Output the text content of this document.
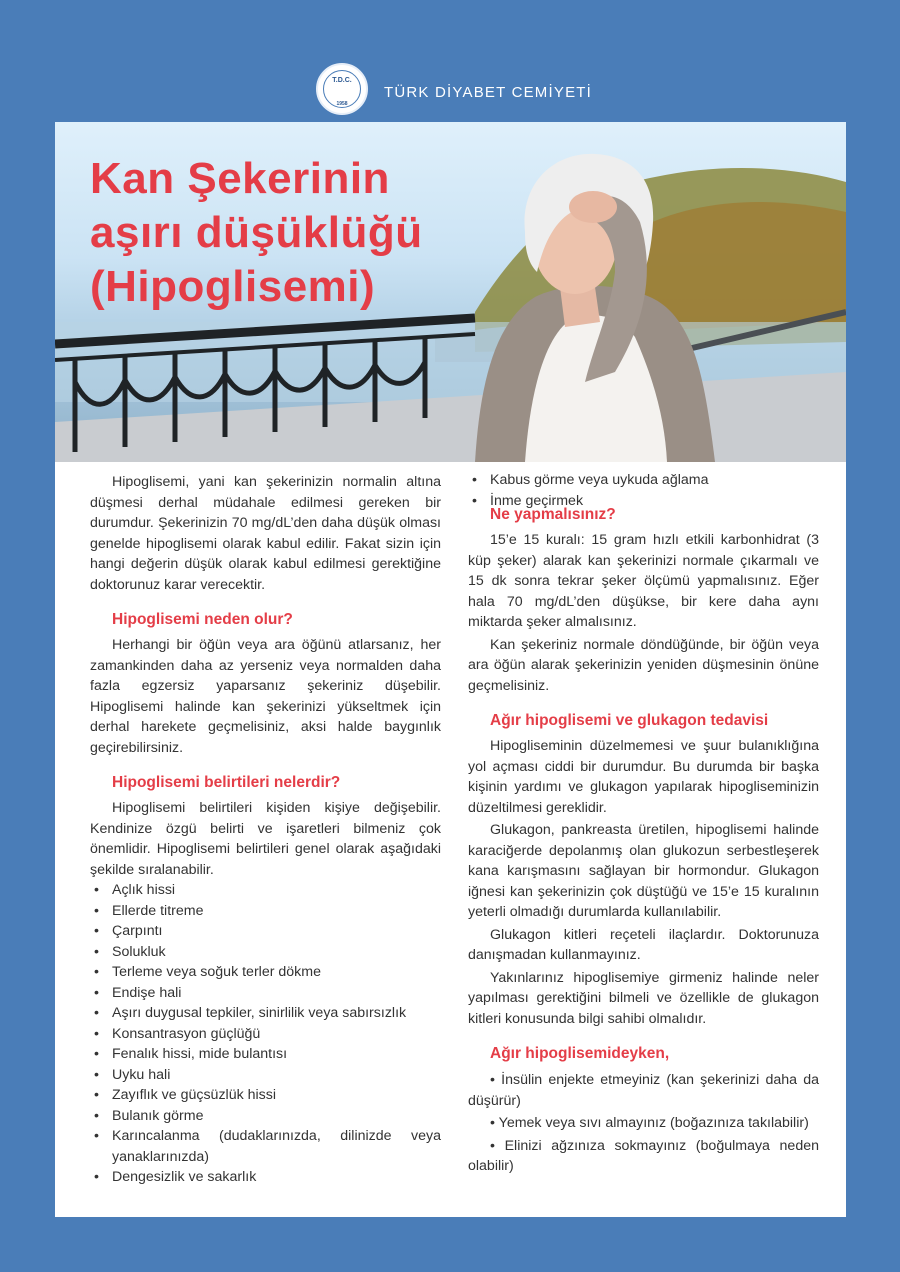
T.D.C.
1958
TÜRK DİYABET CEMİYETİ
Kan Şekerinin
aşırı düşüklüğü
(Hipoglisemi)

Hipoglisemi, yani kan şekerinizin normalin altına düşmesi derhal müdahale edilmesi gereken bir durumdur. Şekerinizin 70 mg/dL’den daha düşük olması genelde hipoglisemi olarak kabul edilir. Fakat sizin için hangi değerin düşük olarak kabul edilmesi gerektiğine doktorunuz karar verecektir.

Hipoglisemi neden olur?

Herhangi bir öğün veya ara öğünü atlarsanız, her zamankinden daha az yerseniz veya normalden daha fazla egzersiz yaparsanız şekeriniz düşebilir. Hipoglisemi halinde kan şekerinizi yükseltmek için derhal harekete geçmelisiniz, aksi halde baygınlık geçirebilirsiniz.

Hipoglisemi belirtileri nelerdir?

Hipoglisemi belirtileri kişiden kişiye değişebilir. Kendinize özgü belirti ve işaretleri bilmeniz çok önemlidir. Hipoglisemi belirtileri genel olarak aşağıdaki şekilde sıralanabilir.

• Açlık hissi
• Ellerde titreme
• Çarpıntı
• Solukluk
• Terleme veya soğuk terler dökme
• Endişe hali
• Aşırı duygusal tepkiler, sinirlilik veya sabırsızlık
• Konsantrasyon güçlüğü
• Fenalık hissi, mide bulantısı
• Uyku hali
• Zayıflık ve güçsüzlük hissi
• Bulanık görme
• Karıncalanma (dudaklarınızda, dilinizde veya yanaklarınızda)
• Dengesizlik ve sakarlık
• Kabus görme veya uykuda ağlama
• İnme geçirmek
Ne yapmalısınız?

15’e 15 kuralı: 15 gram hızlı etkili karbonhidrat (3 küp şeker) alarak kan şekerinizi normale çıkarmalı ve 15 dk sonra tekrar şeker ölçümü yapmalısınız. Eğer hala 70 mg/dL’den düşükse, bir kere daha aynı miktarda şeker almalısınız.

Kan şekeriniz normale döndüğünde, bir öğün veya ara öğün alarak şekerinizin yeniden düşmesinin önüne geçmelisiniz.

Ağır hipoglisemi ve glukagon tedavisi

Hipogliseminin düzelmemesi ve şuur bulanıklığına yol açması ciddi bir durumdur. Bu durumda bir başka kişinin yardımı ve glukagon yapılarak hipogliseminizin düzeltilmesi gereklidir.

Glukagon, pankreasta üretilen, hipoglisemi halinde karaciğerde depolanmış olan glukozun serbestleşerek kana karışmasını sağlayan bir hormondur. Glukagon iğnesi kan şekerinizin çok düştüğü ve 15’e 15 kuralının yeterli olmadığı durumlarda kullanılabilir.

Glukagon kitleri reçeteli ilaçlardır. Doktorunuza danışmadan kullanmayınız.

Yakınlarınız hipoglisemiye girmeniz halinde neler yapılması gerektiğini bilmeli ve özellikle de glukagon kitleri konusunda bilgi sahibi olmalıdır.

Ağır hipoglisemideyken,

• İnsülin enjekte etmeyiniz (kan şekerinizi daha da düşürür)

• Yemek veya sıvı almayınız (boğazınıza takılabilir)

• Elinizi ağzınıza sokmayınız (boğulmaya neden olabilir)
